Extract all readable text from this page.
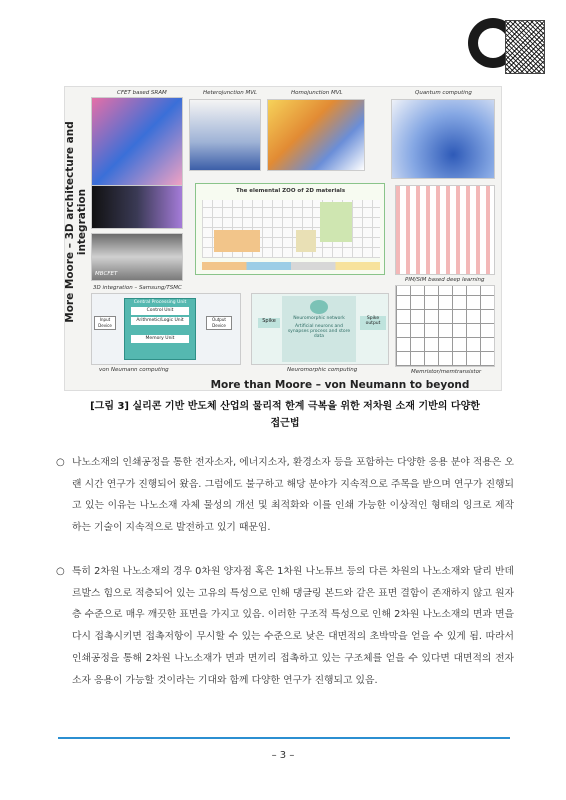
CFET based SRAM	Heterojunction MVL	Homojunction MVL	Quantum computing
MBCFET
3D integration – Samsung/TSMC
The elemental ZOO of 2D materials
PIM/SIM based deep learning
Input Device
Central Processing Unit
Control Unit
Arithmetic/Logic Unit
Memory Unit
Output Device
von Neumann computing
Spike	Neuromorphic network
Artificial neurons and synapses process and store data
Spike output
Neuromorphic computing	Memristor/memtransistor
More Moore – 3D architecture and integration
More than Moore – von Neumann to beyond
[그림 3] 실리콘 기반 반도체 산업의 물리적 한계 극복을 위한 저차원 소재 기반의 다양한
접근법
○ 나노소재의 인쇄공정을 통한 전자소자, 에너지소자, 환경소자 등을 포함하는 다양한 응용 분야 적용은 오랜 시간 연구가 진행되어 왔음. 그럼에도 불구하고 해당 분야가 지속적으로 주목을 받으며 연구가 진행되고 있는 이유는 나노소재 자체 물성의 개선 및 최적화와 이를 인쇄 가능한 이상적인 형태의 잉크로 제작하는 기술이 지속적으로 발전하고 있기 때문임.
○ 특히 2차원 나노소재의 경우 0차원 양자점 혹은 1차원 나노튜브 등의 다른 차원의 나노소재와 달리 반데르발스 힘으로 적층되어 있는 고유의 특성으로 인해 댕글링 본드와 같은 표면 결함이 존재하지 않고 원자층 수준으로 매우 깨끗한 표면을 가지고 있음. 이러한 구조적 특성으로 인해 2차원 나노소재의 면과 면을 다시 접촉시키면 접촉저항이 무시할 수 있는 수준으로 낮은 대면적의 초박막을 얻을 수 있게 됨. 따라서 인쇄공정을 통해 2차원 나노소재가 면과 면끼리 접촉하고 있는 구조체를 얻을 수 있다면 대면적의 전자소자 응용이 가능할 것이라는 기대와 함께 다양한 연구가 진행되고 있음.
– 3 –
